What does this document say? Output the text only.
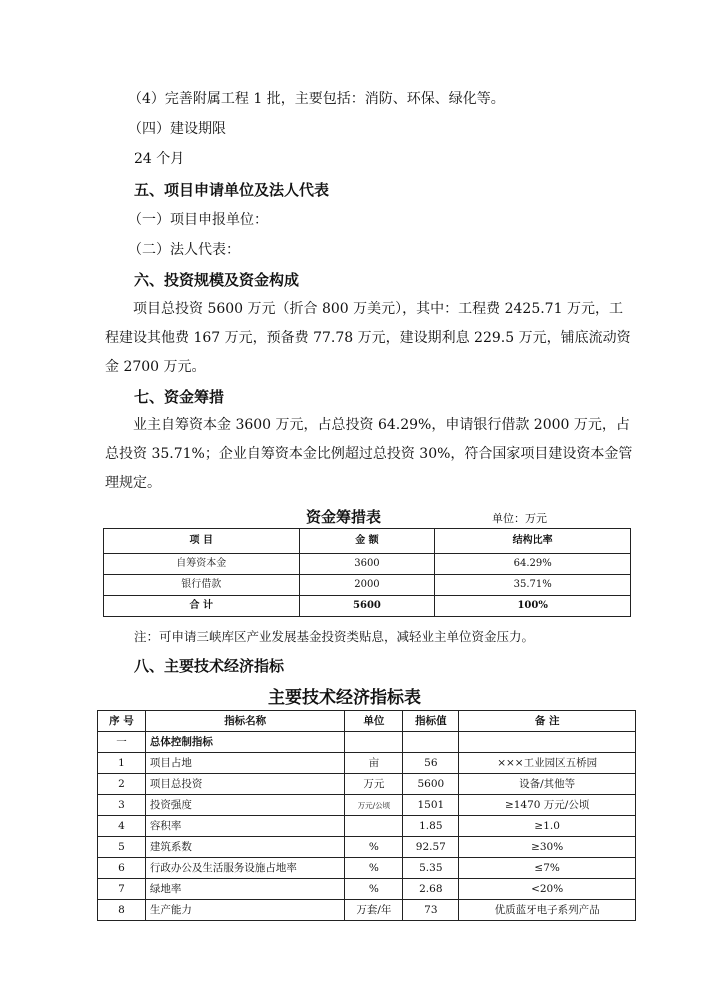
（4）完善附属工程 1 批，主要包括：消防、环保、绿化等。
（四）建设期限
24 个月
五、项目申请单位及法人代表
（一）项目申报单位：
（二）法人代表：
六、投资规模及资金构成
项目总投资 5600 万元（折合 800 万美元），其中：工程费 2425.71 万元，工程建设其他费 167 万元，预备费 77.78 万元，建设期利息 229.5 万元，铺底流动资金 2700 万元。
七、资金筹措
业主自筹资本金 3600 万元，占总投资 64.29%，申请银行借款 2000 万元，占总投资 35.71%；企业自筹资本金比例超过总投资 30%，符合国家项目建设资本金管理规定。
资金筹措表	单位：万元
项 目	金 额	结构比率
自筹资本金	3600	64.29%
银行借款	2000	35.71%
合 计	5600	100%
注：可申请三峡库区产业发展基金投资类贴息，减轻业主单位资金压力。
八、主要技术经济指标
主要技术经济指标表
序 号	指标名称	单位	指标值	备 注
一	总体控制指标			
1	项目占地	亩	56	×××工业园区五桥园
2	项目总投资	万元	5600	设备/其他等
3	投资强度	万元/公顷	1501	≥1470 万元/公顷
4	容积率		1.85	≥1.0
5	建筑系数	%	92.57	≥30%
6	行政办公及生活服务设施占地率	%	5.35	≤7%
7	绿地率	%	2.68	<20%
8	生产能力	万套/年	73	优质蓝牙电子系列产品
